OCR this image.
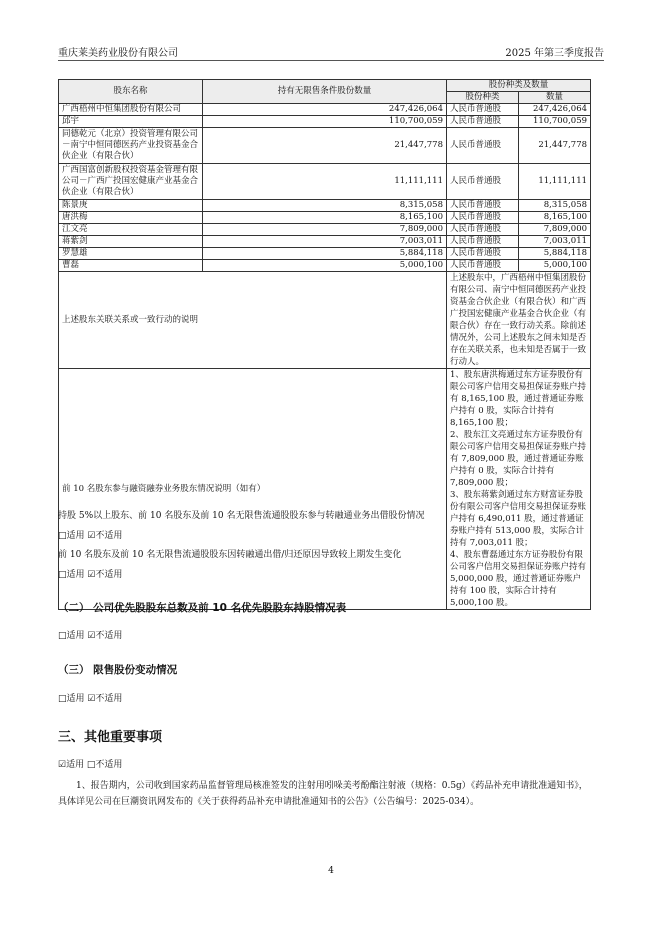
重庆莱美药业股份有限公司	2025 年第三季度报告
股东名称	持有无限售条件股份数量	股份种类及数量	
		股份种类	数量
广西梧州中恒集团股份有限公司	247,426,064	人民币普通股	247,426,064
邱宇	110,700,059	人民币普通股	110,700,059
同德乾元（北京）投资管理有限公司－南宁中恒同德医药产业投资基金合伙企业（有限合伙）	21,447,778	人民币普通股	21,447,778
广西国富创新股权投资基金管理有限公司－广西广投国宏健康产业基金合伙企业（有限合伙）	11,111,111	人民币普通股	11,111,111
陈景庚	8,315,058	人民币普通股	8,315,058
唐洪梅	8,165,100	人民币普通股	8,165,100
江文亮	7,809,000	人民币普通股	7,809,000
蒋紫剑	7,003,011	人民币普通股	7,003,011
罗慧雄	5,884,118	人民币普通股	5,884,118
曹磊	5,000,100	人民币普通股	5,000,100
上述股东关联关系或一致行动的说明		上述股东中，广西梧州中恒集团股份有限公司、南宁中恒同德医药产业投资基金合伙企业（有限合伙）和广西广投国宏健康产业基金合伙企业（有限合伙）存在一致行动关系。除前述情况外，公司上述股东之间未知是否存在关联关系，也未知是否属于一致行动人。	
前 10 名股东参与融资融券业务股东情况说明（如有）		1、股东唐洪梅通过东方证券股份有限公司客户信用交易担保证券账户持有 8,165,100 股，通过普通证券账户持有 0 股，实际合计持有 8,165,100 股；
2、股东江文亮通过东方证券股份有限公司客户信用交易担保证券账户持有 7,809,000 股，通过普通证券账户持有 0 股，实际合计持有 7,809,000 股；
3、股东蒋紫剑通过东方财富证券股份有限公司客户信用交易担保证券账户持有 6,490,011 股，通过普通证券账户持有 513,000 股，实际合计持有 7,003,011 股；
4、股东曹磊通过东方证券股份有限公司客户信用交易担保证券账户持有 5,000,000 股，通过普通证券账户持有 100 股，实际合计持有 5,000,100 股。	
持股 5%以上股东、前 10 名股东及前 10 名无限售流通股股东参与转融通业务出借股份情况
□适用 ☑不适用
前 10 名股东及前 10 名无限售流通股股东因转融通出借/归还原因导致较上期发生变化
□适用 ☑不适用
（二） 公司优先股股东总数及前 10 名优先股股东持股情况表
□适用 ☑不适用
（三） 限售股份变动情况
□适用 ☑不适用
三、其他重要事项
☑适用 □不适用
1、报告期内，公司收到国家药品监督管理局核准签发的注射用吲哚美考酚酯注射液（规格：0.5g）《药品补充申请批准通知书》，具体详见公司在巨潮资讯网发布的《关于获得药品补充申请批准通知书的公告》（公告编号：2025-034）。
4
